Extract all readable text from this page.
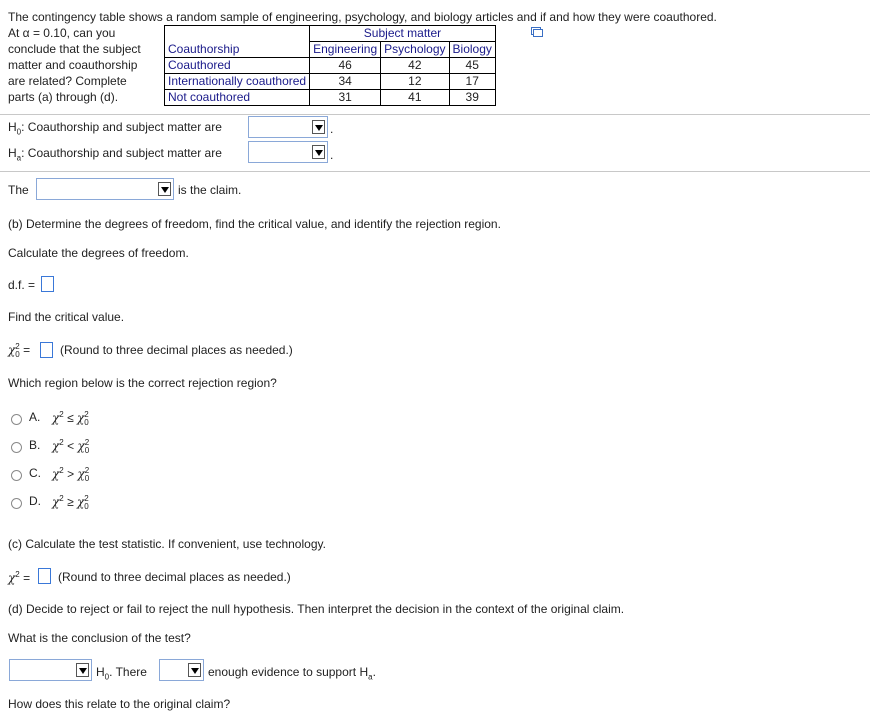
The contingency table shows a random sample of engineering, psychology, and biology articles and if and how they were coauthored.
At α = 0.10, can you
conclude that the subject
matter and coauthorship
are related? Complete
parts (a) through (d).
Coauthorship	Subject matter		
	Engineering	Psychology	Biology
Coauthored	46	42	45
Internationally coauthored	34	12	17
Not coauthored	31	41	39
$H_0$: Coauthorship and subject matter are	.
$H_a$: Coauthorship and subject matter are	.
The	is the claim.
(b) Determine the degrees of freedom, find the critical value, and identify the rejection region.
Calculate the degrees of freedom.
d.f. =
Find the critical value.
χ2
0 = (Round to three decimal places as needed.)
Which region below is the correct rejection region?
A. $\chi^2 \le \chi 2$
0
B. $\chi^2 < \chi 2$
0
C. $\chi^2 > \chi 2$
0
D. $\chi^2 \ge \chi 2$
0
(c) Calculate the test statistic. If convenient, use technology.
$\chi^2$ = (Round to three decimal places as needed.)
(d) Decide to reject or fail to reject the null hypothesis. Then interpret the decision in the context of the original claim.
What is the conclusion of the test?
$H_0$. There	enough evidence to support $H_a$.
How does this relate to the original claim?
